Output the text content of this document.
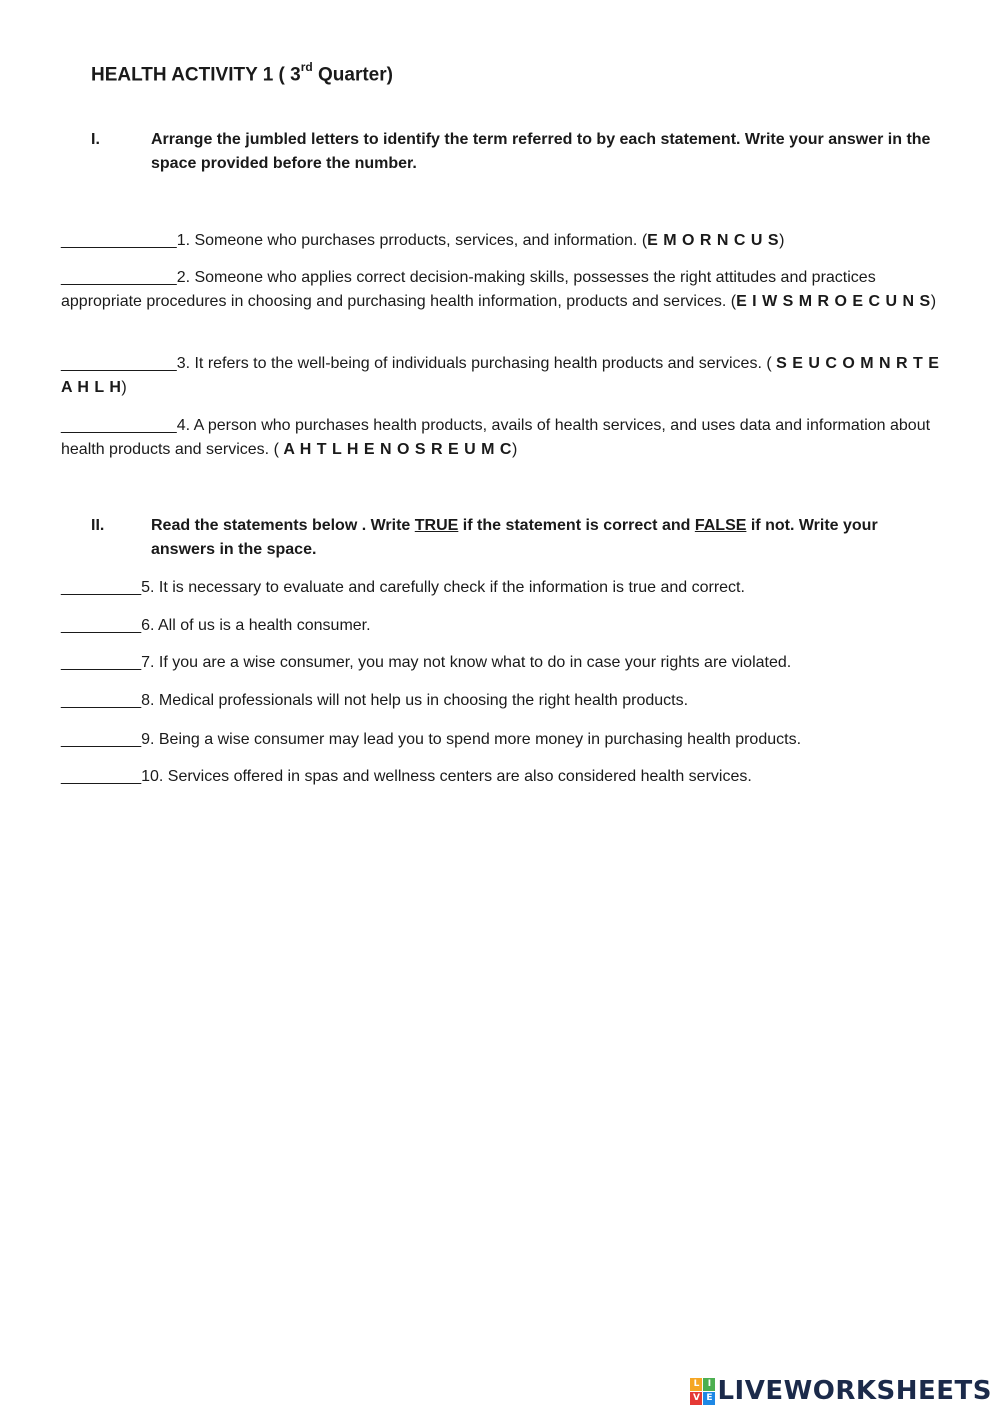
HEALTH ACTIVITY 1 ( 3rd Quarter)
I.	Arrange the jumbled letters to identify the term referred to by each statement. Write your answer in the space provided before the number.
_____________1. Someone who purchases prroducts, services, and information. (E M O R N C U S)
_____________2. Someone who applies correct decision-making skills, possesses the right attitudes and practices appropriate procedures in choosing and purchasing health information, products and services. (E I W S M R O E C U N S)
_____________3. It refers to the well-being of individuals purchasing health products and services. ( S E U C O M N R T E A H L H)
_____________4. A person who purchases health products, avails of health services, and uses data and information about health products and services. ( A H T L H E N O S R E U M C)
II.	Read the statements below . Write TRUE if the statement is correct and FALSE if not. Write your answers in the space.
_________5. It is necessary to evaluate and carefully check if the information is true and correct.
_________6. All of us is a health consumer.
_________7. If you are a wise consumer, you may not know what to do in case your rights are violated.
_________8. Medical professionals will not help us in choosing the right health products.
_________9. Being a wise consumer may lead you to spend more money in purchasing health products.
_________10. Services offered in spas and wellness centers are also considered health services.
L I
V E LIVEWORKSHEETS
